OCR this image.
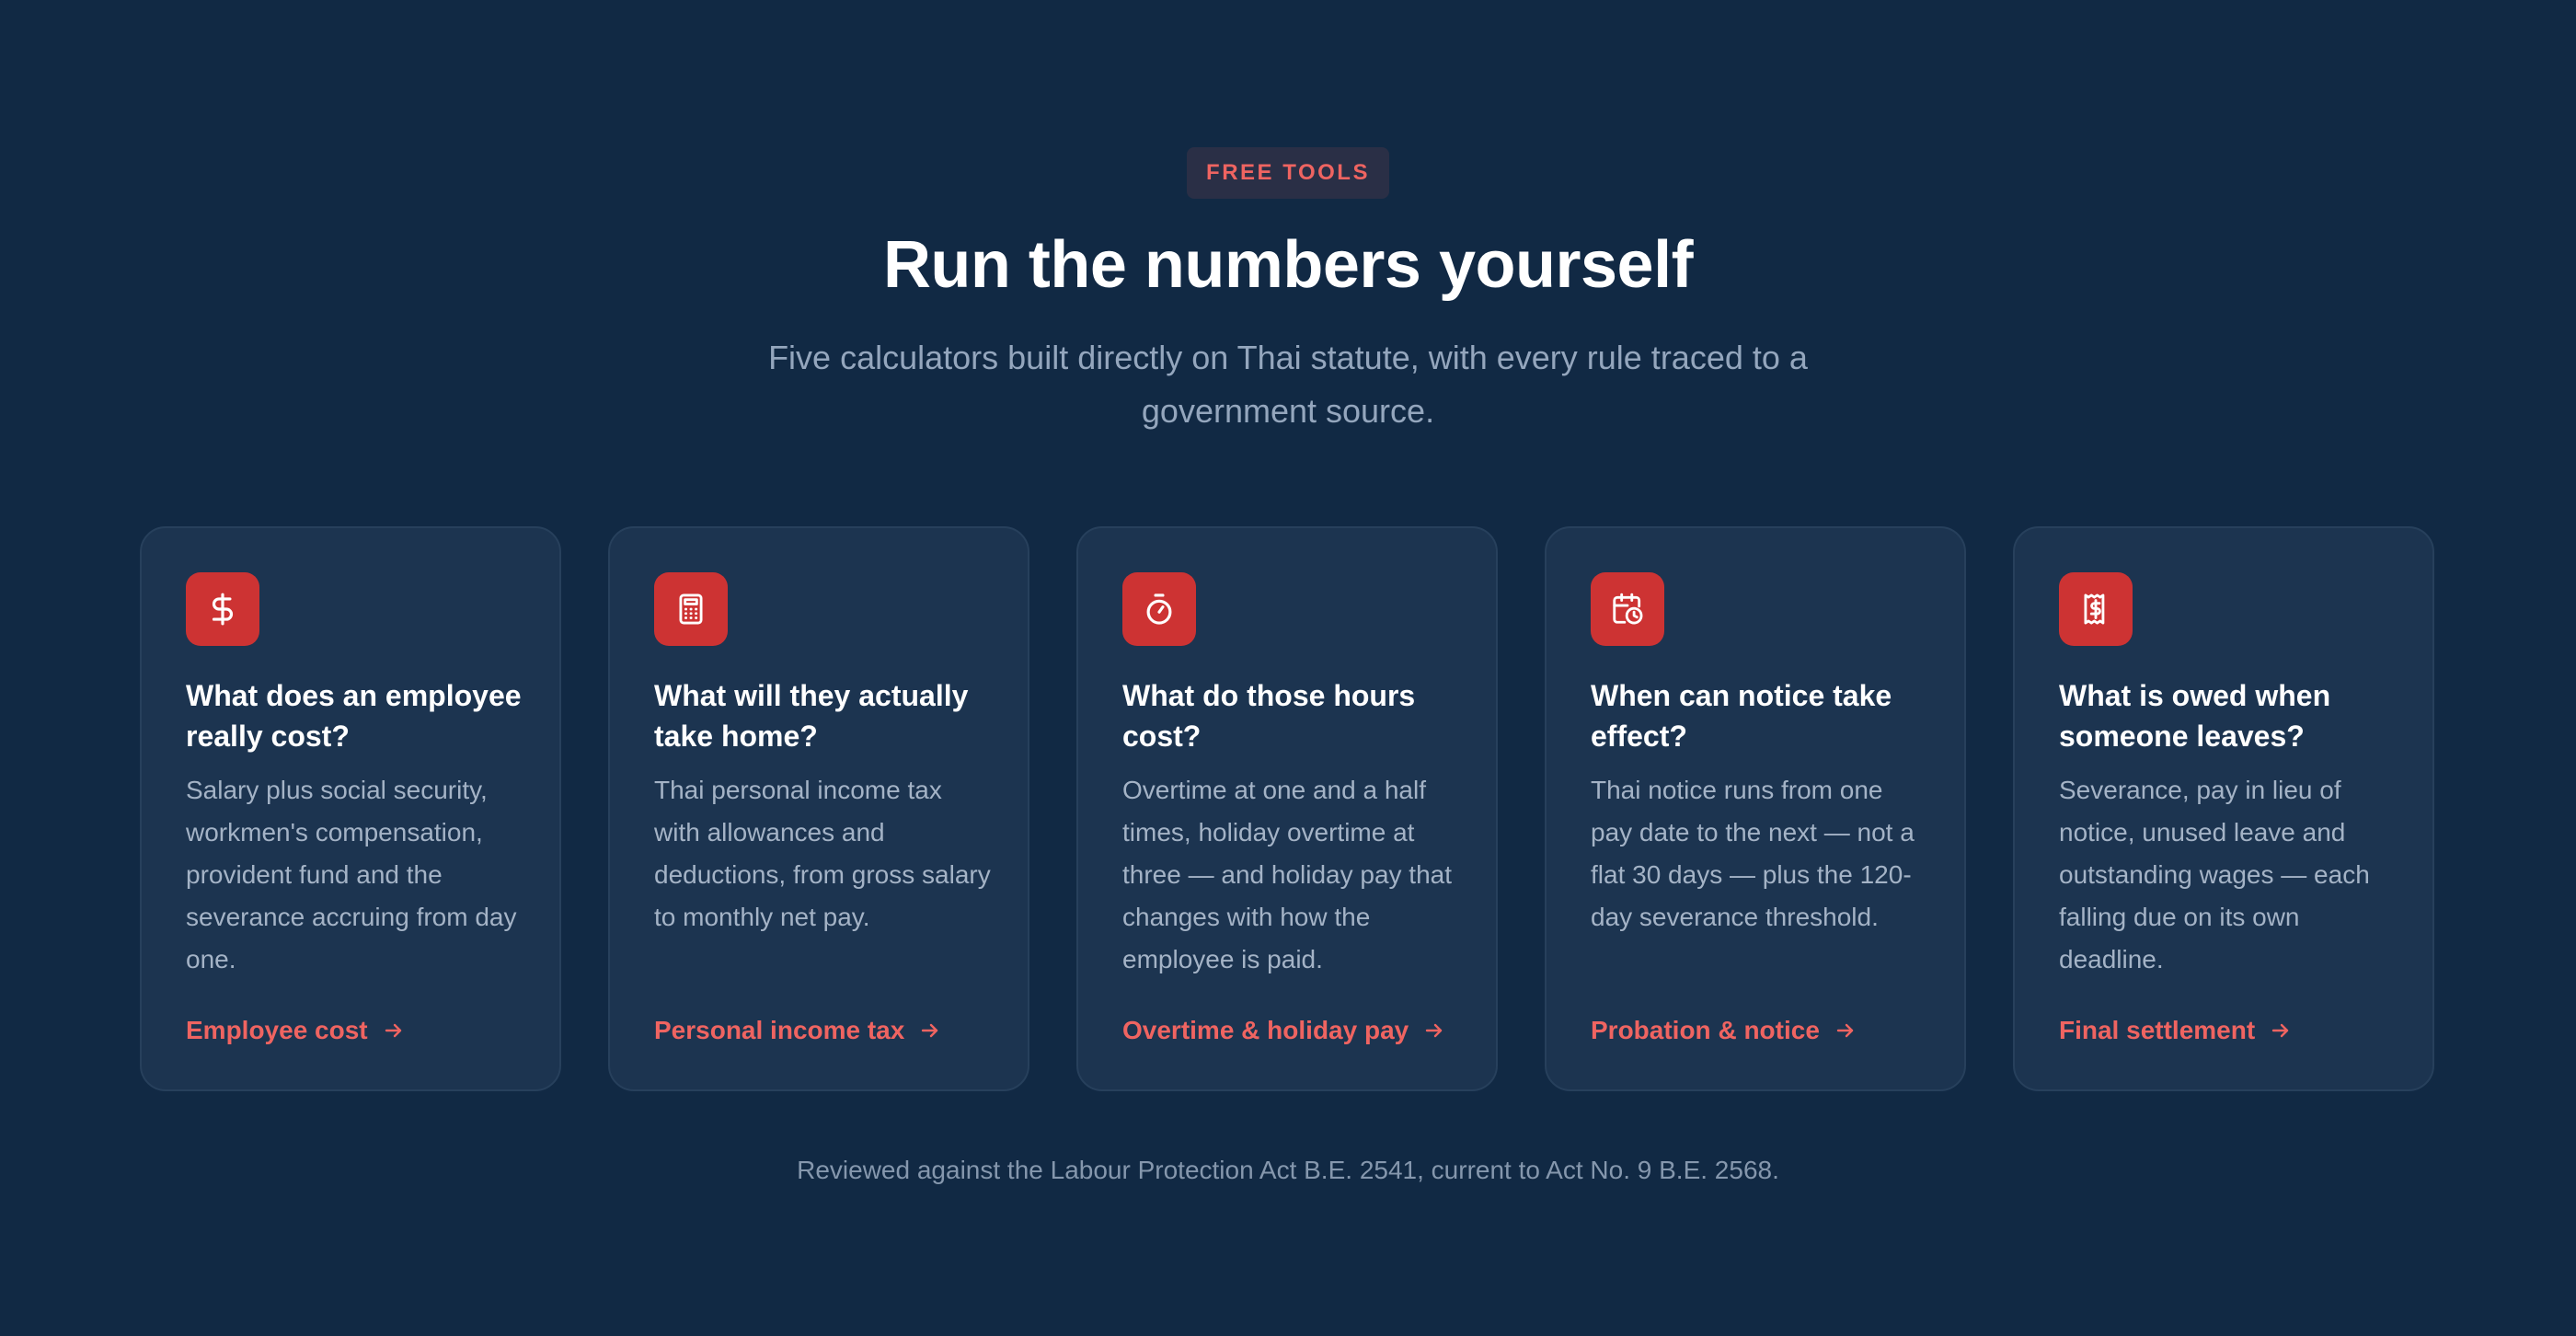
FREE TOOLS
Run the numbers yourself

Five calculators built directly on Thai statute, with every rule traced to a government source.

What does an employee really cost?

Salary plus social security, workmen's compensation, provident fund and the severance accruing from day one.

Employee cost
What will they actually take home?

Thai personal income tax with allowances and deductions, from gross salary to monthly net pay.

Personal income tax
What do those hours cost?

Overtime at one and a half times, holiday overtime at three — and holiday pay that changes with how the employee is paid.

Overtime & holiday pay
When can notice take effect?

Thai notice runs from one pay date to the next — not a flat 30 days — plus the 120-day severance threshold.

Probation & notice
What is owed when someone leaves?

Severance, pay in lieu of notice, unused leave and outstanding wages — each falling due on its own deadline.

Final settlement

Reviewed against the Labour Protection Act B.E. 2541, current to Act No. 9 B.E. 2568.
